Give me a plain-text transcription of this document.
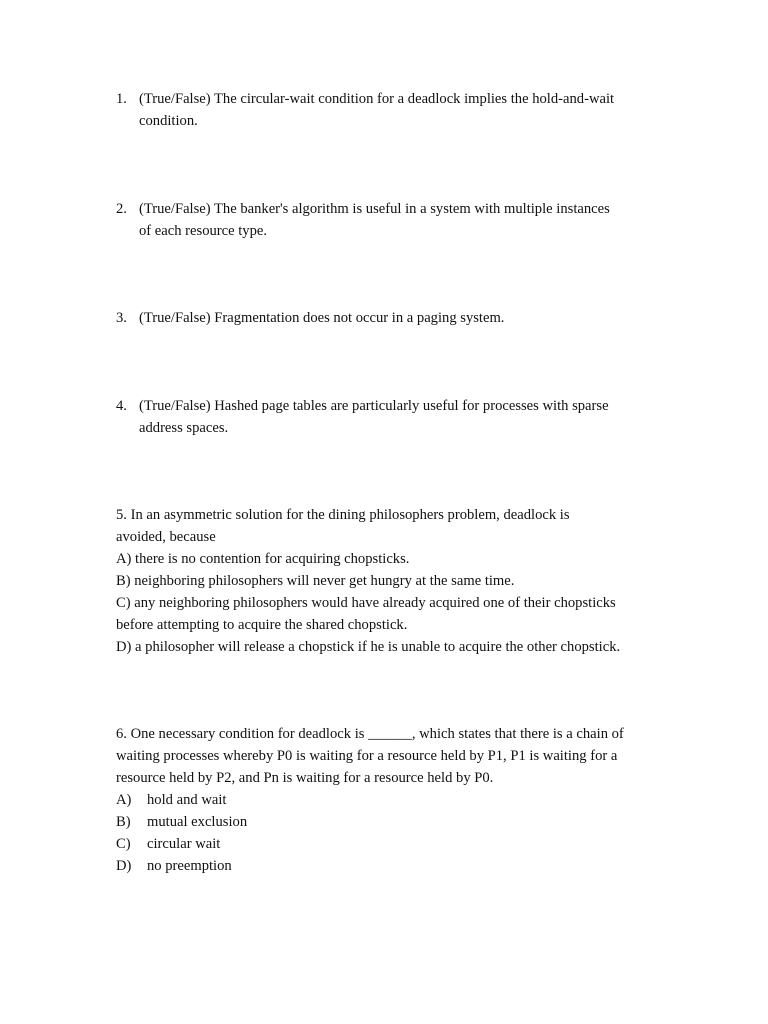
1. (True/False) The circular-wait condition for a deadlock implies the hold-and-wait
condition.
2. (True/False) The banker's algorithm is useful in a system with multiple instances
of each resource type.
3. (True/False) Fragmentation does not occur in a paging system.
4. (True/False) Hashed page tables are particularly useful for processes with sparse
address spaces.
5. In an asymmetric solution for the dining philosophers problem, deadlock is
avoided, because
A) there is no contention for acquiring chopsticks.
B) neighboring philosophers will never get hungry at the same time.
C) any neighboring philosophers would have already acquired one of their chopsticks
before attempting to acquire the shared chopstick.
D) a philosopher will release a chopstick if he is unable to acquire the other chopstick.
6. One necessary condition for deadlock is ______, which states that there is a chain of
waiting processes whereby P0 is waiting for a resource held by P1, P1 is waiting for a
resource held by P2, and Pn is waiting for a resource held by P0.
A)	hold and wait
B)	mutual exclusion
C)	circular wait
D)	no preemption
